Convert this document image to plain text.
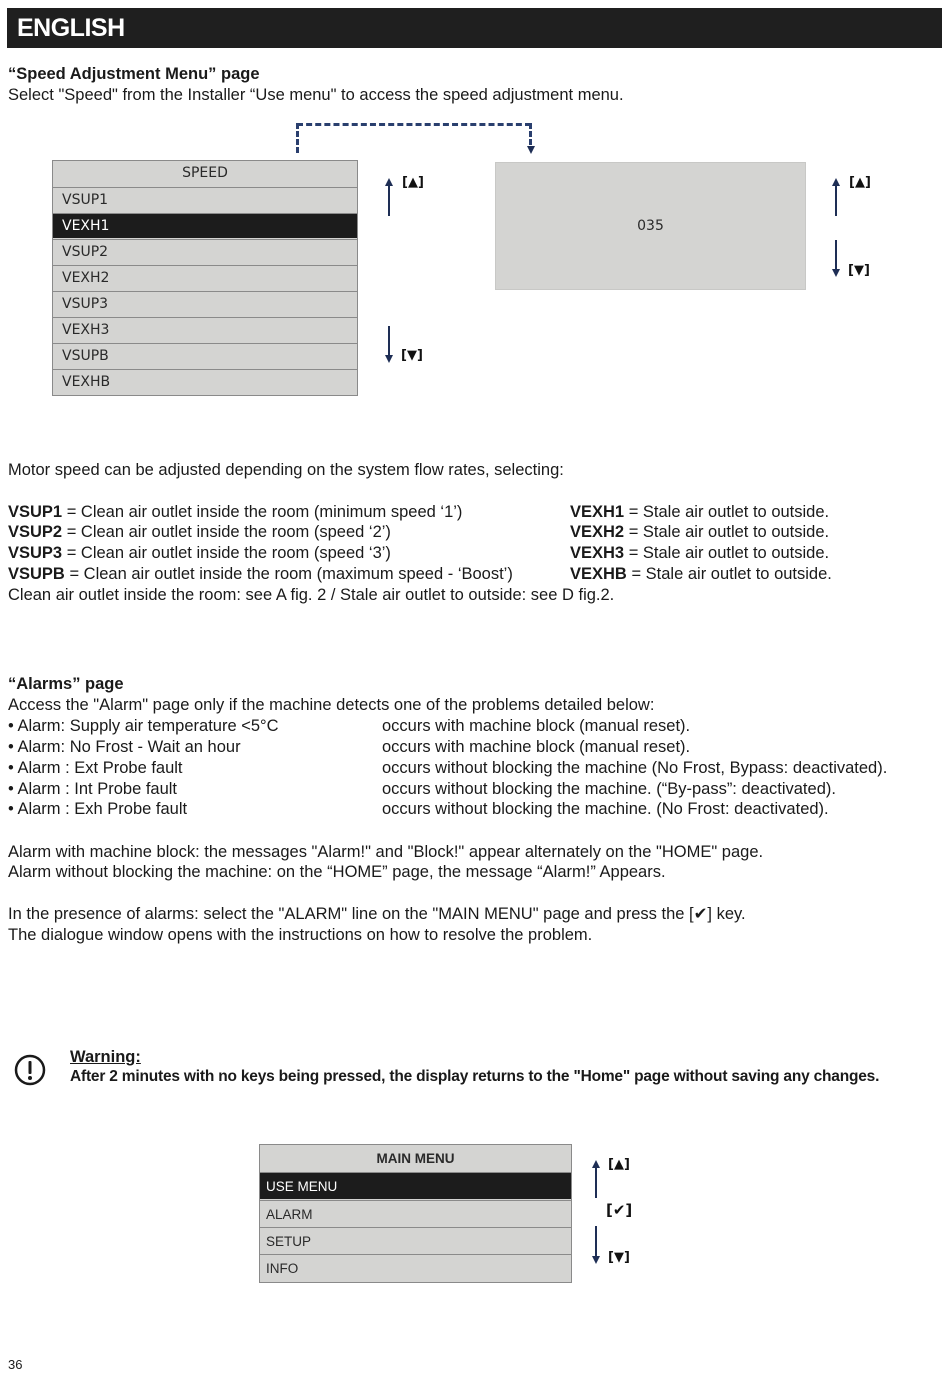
ENGLISH
“Speed Adjustment Menu” page
Select "Speed" from the Installer “Use menu" to access the speed adjustment menu.
SPEED
VSUP1
VEXH1
VSUP2
VEXH2
VSUP3
VEXH3
VSUPB
VEXHB
[▲]
[▼]
035
[▲]
[▼]
Motor speed can be adjusted depending on the system flow rates, selecting:
VSUP1 = Clean air outlet inside the room (minimum speed ‘1’)	VEXH1 = Stale air outlet to outside.
VSUP2 = Clean air outlet inside the room (speed ‘2’)	VEXH2 = Stale air outlet to outside.
VSUP3 = Clean air outlet inside the room (speed ‘3’)	VEXH3 = Stale air outlet to outside.
VSUPB = Clean air outlet inside the room (maximum speed - ‘Boost’)	VEXHB = Stale air outlet to outside.
Clean air outlet inside the room: see A fig. 2 / Stale air outlet to outside: see D fig.2.
“Alarms” page
Access the "Alarm" page only if the machine detects one of the problems detailed below:
• Alarm: Supply air temperature <5°C	occurs with machine block (manual reset).
• Alarm: No Frost - Wait an hour	occurs with machine block (manual reset).
• Alarm : Ext Probe fault	occurs without blocking the machine (No Frost, Bypass: deactivated).
• Alarm : Int Probe fault	occurs without blocking the machine. (“By-pass”: deactivated).
• Alarm : Exh Probe fault	occurs without blocking the machine. (No Frost: deactivated).
Alarm with machine block: the messages "Alarm!" and "Block!" appear alternately on the "HOME" page.
Alarm without blocking the machine: on the “HOME” page, the message “Alarm!” Appears.
In the presence of alarms: select the "ALARM" line on the "MAIN MENU" page and press the [✔] key.
The dialogue window opens with the instructions on how to resolve the problem.
Warning:
After 2 minutes with no keys being pressed, the display returns to the "Home" page without saving any changes.
MAIN MENU
USE MENU
ALARM
SETUP
INFO
[▲]
[✔]
[▼]
36
